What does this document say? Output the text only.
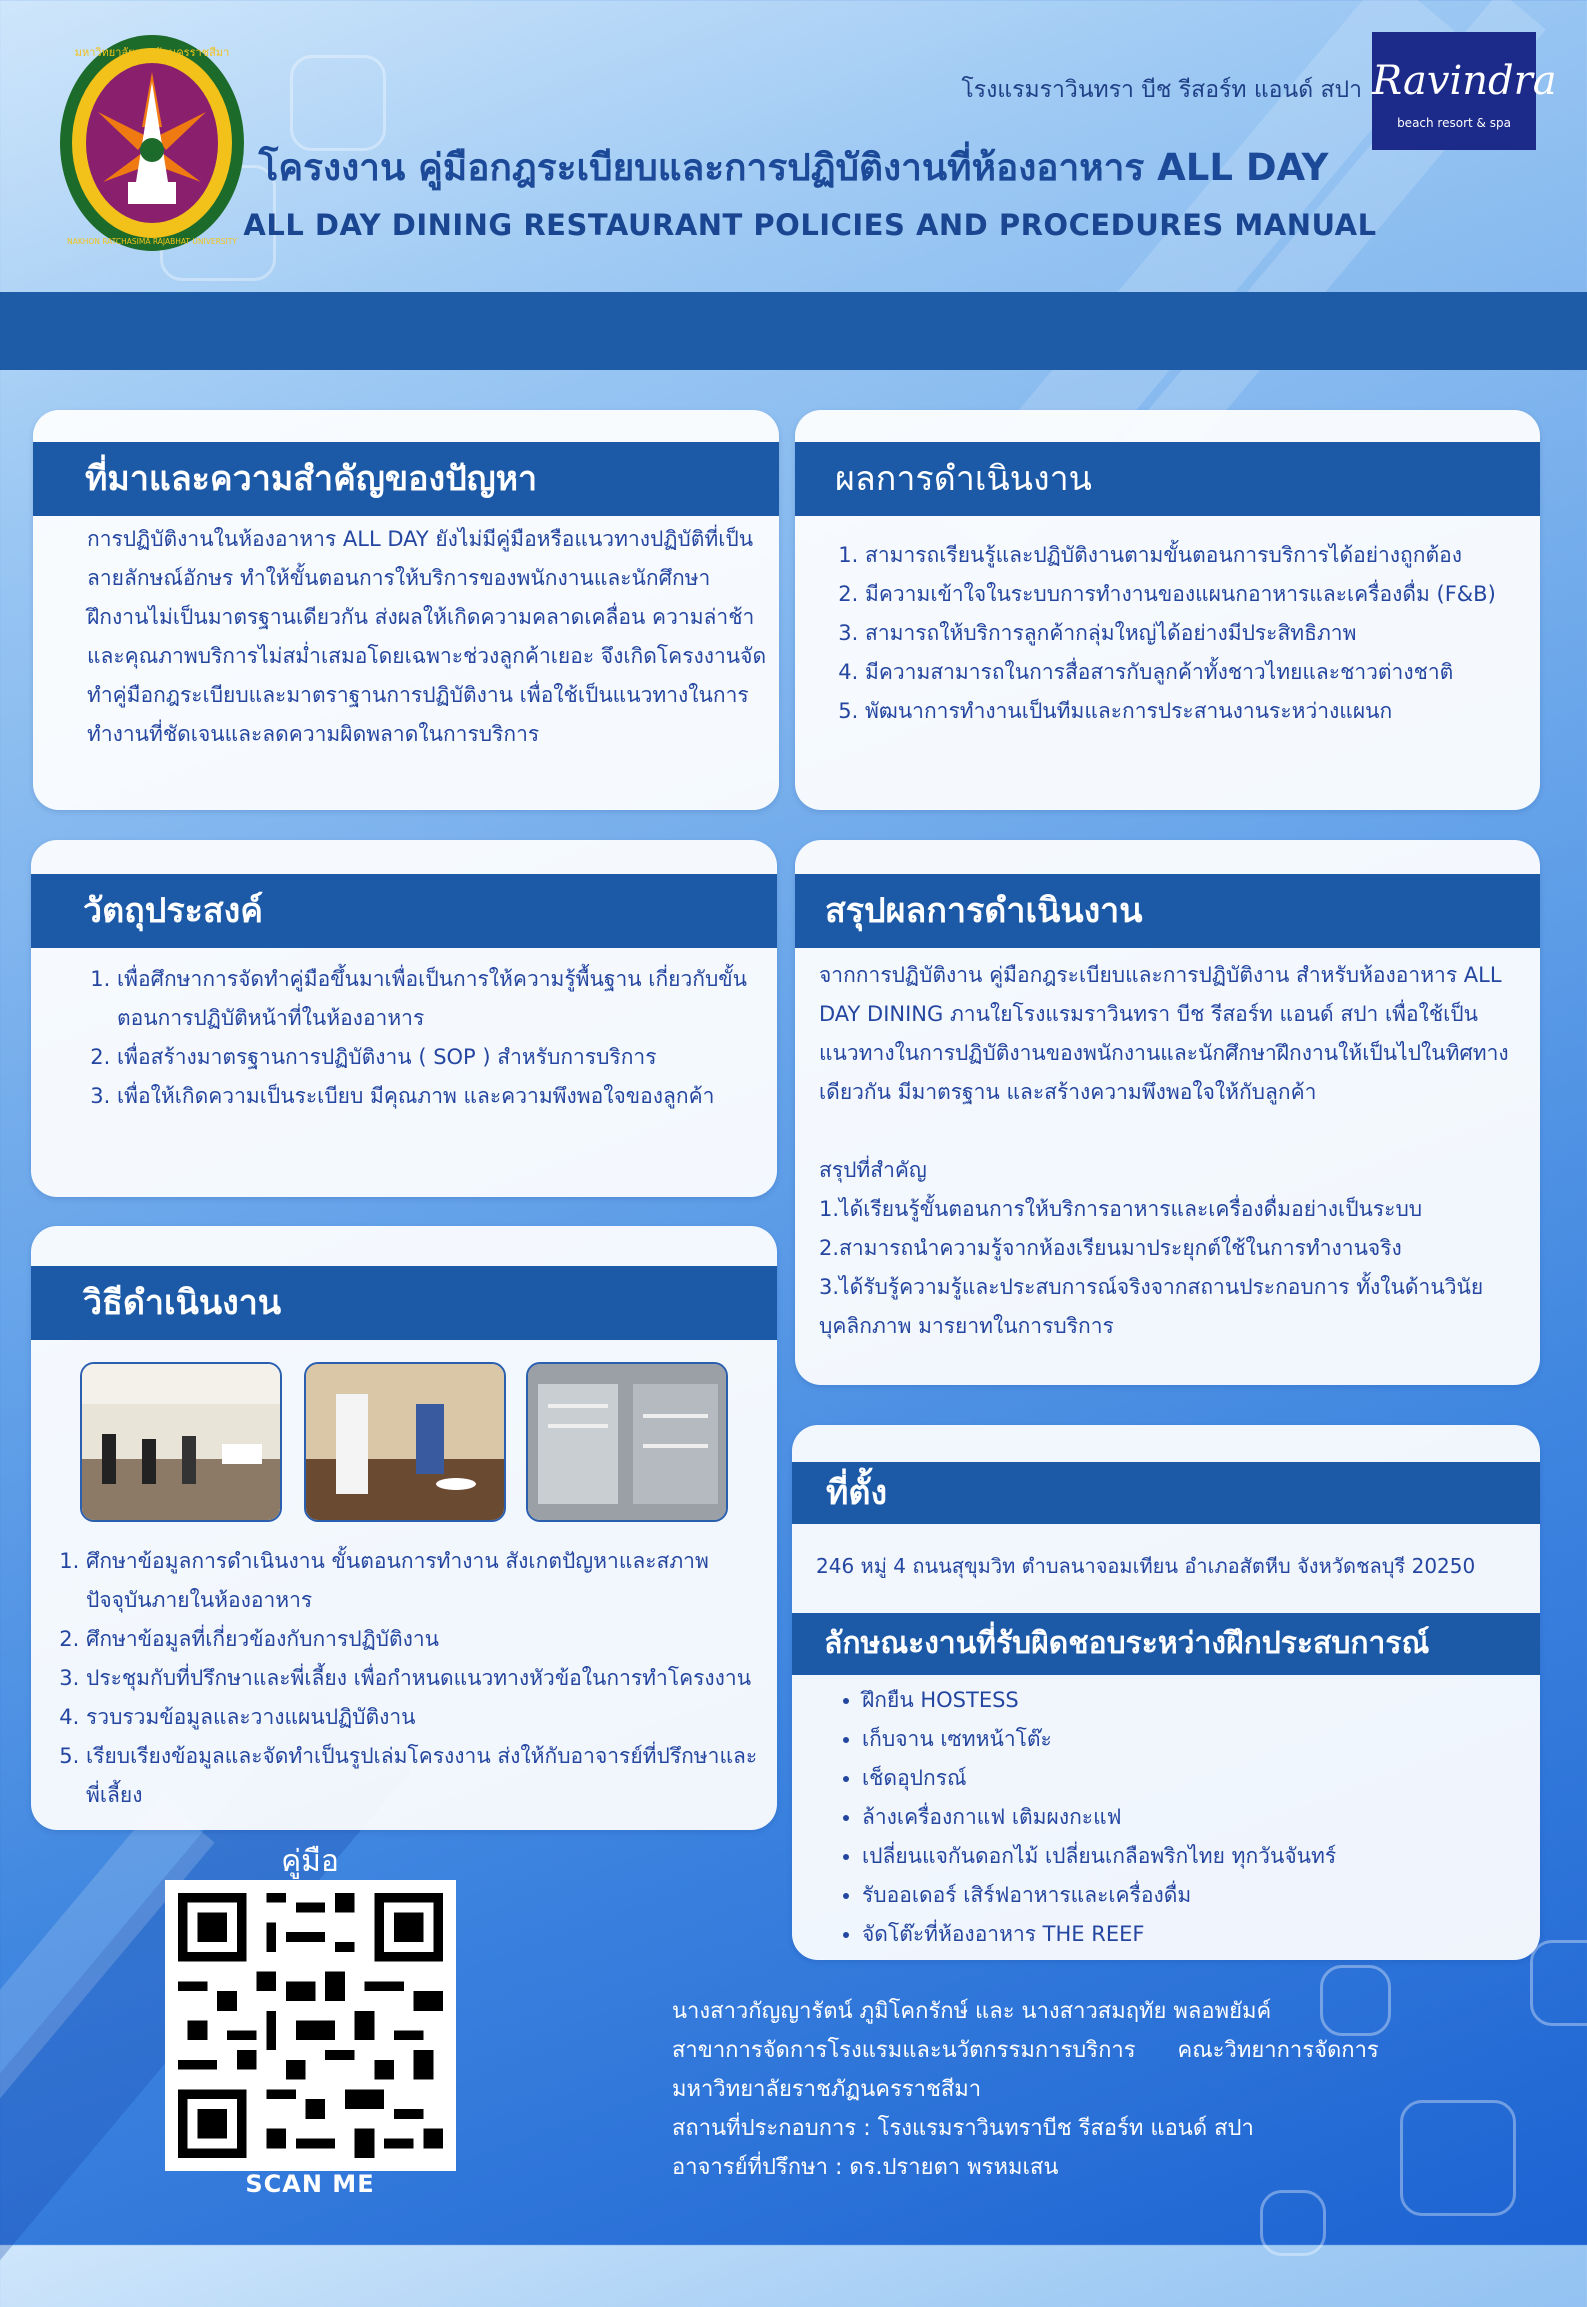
มหาวิทยาลัยราชภัฏนครราชสีมา
NAKHON RATCHASIMA RAJABHAT UNIVERSITY
โรงแรมราวินทรา บีช รีสอร์ท แอนด์ สปา Ravindra
beach resort & spa
โครงงาน คู่มือกฎระเบียบและการปฏิบัติงานที่ห้องอาหาร ALL DAY
ALL DAY DINING RESTAURANT POLICIES AND PROCEDURES MANUAL
ที่มาและความสำคัญของปัญหา

การปฏิบัติงานในห้องอาหาร ALL DAY ยังไม่มีคู่มือหรือแนวทางปฏิบัติที่เป็นลายลักษณ์อักษร ทำให้ขั้นตอนการให้บริการของพนักงานและนักศึกษาฝึกงานไม่เป็นมาตรฐานเดียวกัน ส่งผลให้เกิดความคลาดเคลื่อน ความล่าช้า และคุณภาพบริการไม่สม่ำเสมอโดยเฉพาะช่วงลูกค้าเยอะ จึงเกิดโครงงานจัดทำคู่มือกฎระเบียบและมาตราฐานการปฏิบัติงาน เพื่อใช้เป็นแนวทางในการทำงานที่ชัดเจนและลดความผิดพลาดในการบริการ

ผลการดำเนินงาน
1. สามารถเรียนรู้และปฏิบัติงานตามขั้นตอนการบริการได้อย่างถูกต้อง
2. มีความเข้าใจในระบบการทำงานของแผนกอาหารและเครื่องดื่ม (F&B)
3. สามารถให้บริการลูกค้ากลุ่มใหญ่ได้อย่างมีประสิทธิภาพ
4. มีความสามารถในการสื่อสารกับลูกค้าทั้งชาวไทยและชาวต่างชาติ
5. พัฒนาการทำงานเป็นทีมและการประสานงานระหว่างแผนก
วัตถุประสงค์
1. เพื่อศึกษาการจัดทำคู่มือขึ้นมาเพื่อเป็นการให้ความรู้พื้นฐาน เกี่ยวกับขั้นตอนการปฏิบัติหน้าที่ในห้องอาหาร
2. เพื่อสร้างมาตรฐานการปฏิบัติงาน ( SOP ) สำหรับการบริการ
3. เพื่อให้เกิดความเป็นระเบียบ มีคุณภาพ และความพึงพอใจของลูกค้า
สรุปผลการดำเนินงาน

จากการปฏิบัติงาน คู่มือกฎระเบียบและการปฏิบัติงาน สำหรับห้องอาหาร ALL DAY DINING ภานใยโรงแรมราวินทรา บีช รีสอร์ท แอนด์ สปา เพื่อใช้เป็นแนวทางในการปฏิบัติงานของพนักงานและนักศึกษาฝึกงานให้เป็นไปในทิศทางเดียวกัน มีมาตรฐาน และสร้างความพึงพอใจให้กับลูกค้า

สรุปที่สำคัญ

1.ได้เรียนรู้ขั้นตอนการให้บริการอาหารและเครื่องดื่มอย่างเป็นระบบ

2.สามารถนำความรู้จากห้องเรียนมาประยุกต์ใช้ในการทำงานจริง

3.ได้รับรู้ความรู้และประสบการณ์จริงจากสถานประกอบการ ทั้งในด้านวินัย บุคลิกภาพ มารยาทในการบริการ

วิธีดำเนินงาน
1. ศึกษาข้อมูลการดำเนินงาน ขั้นตอนการทำงาน สังเกตปัญหาและสภาพปัจจุบันภายในห้องอาหาร
2. ศึกษาข้อมูลที่เกี่ยวข้องกับการปฏิบัติงาน
3. ประชุมกับที่ปรึกษาและพี่เลี้ยง เพื่อกำหนดแนวทางหัวข้อในการทำโครงงาน
4. รวบรวมข้อมูลและวางแผนปฏิบัติงาน
5. เรียบเรียงข้อมูลและจัดทำเป็นรูปเล่มโครงงาน ส่งให้กับอาจารย์ที่ปรึกษาและพี่เลี้ยง
ที่ตั้ง
246 หมู่ 4 ถนนสุขุมวิท ตำบลนาจอมเทียน อำเภอสัตหีบ จังหวัดชลบุรี 20250
ลักษณะงานที่รับผิดชอบระหว่างฝึกประสบการณ์
• ฝึกยืน HOSTESS
• เก็บจาน เซทหน้าโต๊ะ
• เช็ดอุปกรณ์
• ล้างเครื่องกาแฟ เติมผงกะแฟ
• เปลี่ยนแจกันดอกไม้ เปลี่ยนเกลือพริกไทย ทุกวันจันทร์
• รับออเดอร์ เสิร์ฟอาหารและเครื่องดื่ม
• จัดโต๊ะที่ห้องอาหาร THE REEF
คู่มือ
SCAN ME

นางสาวกัญญารัตน์ ภูมิโคกรักษ์ และ นางสาวสมฤทัย พลอพยัมค์

สาขาการจัดการโรงแรมและนวัตกรรมการบริการ      คณะวิทยาการจัดการ

มหาวิทยาลัยราชภัฏนครราชสีมา

สถานที่ประกอบการ : โรงแรมราวินทราบีช รีสอร์ท แอนด์ สปา

อาจารย์ที่ปรึกษา : ดร.ปรายตา พรหมเสน
